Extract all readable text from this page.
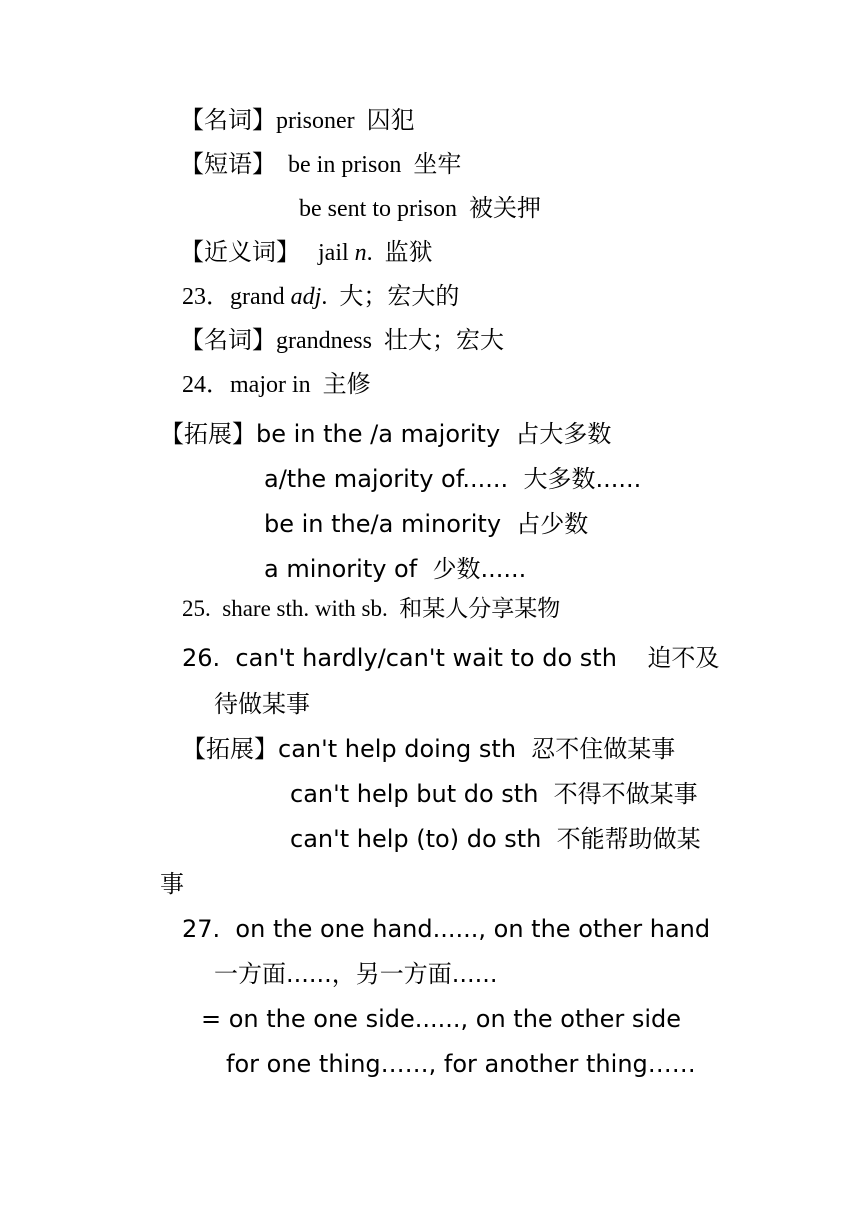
【名词】prisoner  囚犯
【短语】  be in prison  坐牢
be sent to prison  被关押
【近义词】   jail n.  监狱
23．grand adj.  大；宏大的
【名词】grandness  壮大；宏大
24．major in  主修
【拓展】be in the /a majority  占大多数
a/the majority of......  大多数......
be in the/a minority  占少数
a minority of  少数......
25.  share sth. with sb.  和某人分享某物
26.  can't hardly/can't wait to do sth    迫不及
待做某事
【拓展】can't help doing sth  忍不住做某事
can't help but do sth  不得不做某事
can't help (to) do sth  不能帮助做某
事
27.  on the one hand......, on the other hand
一方面......，另一方面......
= on the one side......, on the other side
for one thing……, for another thing……
